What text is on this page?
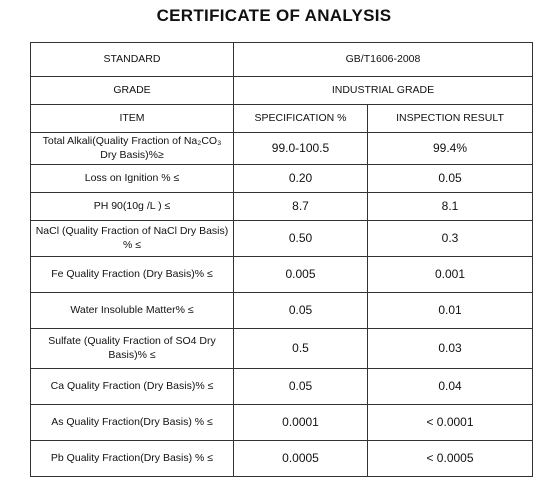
CERTIFICATE OF ANALYSIS
STANDARD	GB/T1606-2008	
GRADE	INDUSTRIAL GRADE	
ITEM	SPECIFICATION %	INSPECTION RESULT
Total Alkali(Quality Fraction of Na₂CO₃ Dry Basis)%≥	99.0-100.5	99.4%
Loss on Ignition % ≤	0.20	0.05
PH 90(10g /L ) ≤	8.7	8.1
NaCl (Quality Fraction of NaCl Dry Basis) % ≤	0.50	0.3
Fe Quality Fraction (Dry Basis)% ≤	0.005	0.001
Water Insoluble Matter% ≤	0.05	0.01
Sulfate (Quality Fraction of SO4 Dry Basis)% ≤	0.5	0.03
Ca Quality Fraction (Dry Basis)% ≤	0.05	0.04
As Quality Fraction(Dry Basis) % ≤	0.0001	< 0.0001
Pb Quality Fraction(Dry Basis) % ≤	0.0005	< 0.0005
